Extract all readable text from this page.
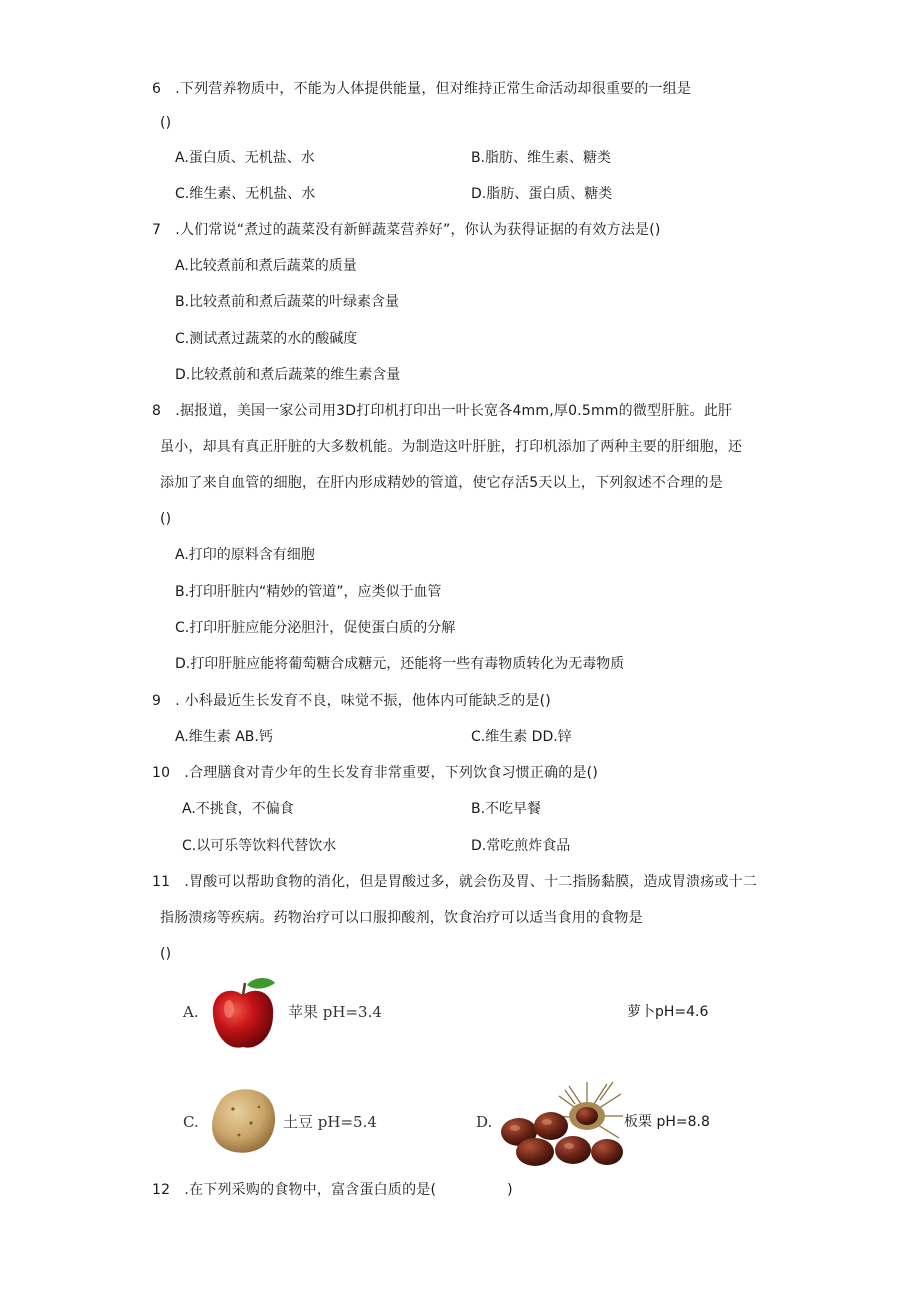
6　.下列营养物质中，不能为人体提供能量，但对维持正常生命活动却很重要的一组是
()
A.蛋白质、无机盐、水	B.脂肪、维生素、糖类
C.维生素、无机盐、水	D.脂肪、蛋白质、糖类
7　.人们常说“煮过的蔬菜没有新鲜蔬菜营养好”，你认为获得证据的有效方法是()
A.比较煮前和煮后蔬菜的质量
B.比较煮前和煮后蔬菜的叶绿素含量
C.测试煮过蔬菜的水的酸碱度
D.比较煮前和煮后蔬菜的维生素含量
8　.据报道，美国一家公司用3D打印机打印出一叶长宽各4mm,厚0.5mm的微型肝脏。此肝
虽小，却具有真正肝脏的大多数机能。为制造这叶肝脏，打印机添加了两种主要的肝细胞，还
添加了来自血管的细胞，在肝内形成精妙的管道，使它存活5天以上，下列叙述不合理的是
()
A.打印的原料含有细胞
B.打印肝脏内“精妙的管道”，应类似于血管
C.打印肝脏应能分泌胆汁，促使蛋白质的分解
D.打印肝脏应能将葡萄糖合成糖元，还能将一些有毒物质转化为无毒物质
9　. 小科最近生长发育不良，味觉不振，他体内可能缺乏的是()
A.维生素 AB.钙	C.维生素 DD.锌
10　.合理膳食对青少年的生长发育非常重要，下列饮食习惯正确的是()
A.不挑食，不偏食	B.不吃早餐
C.以可乐等饮料代替饮水	D.常吃煎炸食品
11　.胃酸可以帮助食物的消化，但是胃酸过多，就会伤及胃、十二指肠黏膜，造成胃溃疡或十二
指肠溃疡等疾病。药物治疗可以口服抑酸剂，饮食治疗可以适当食用的食物是
()
A.	苹果 pH=3.4	萝卜pH=4.6
C.	土豆 pH=5.4	D.	板栗 pH=8.8
12　.在下列采购的食物中，富含蛋白质的是(　　　　　)
